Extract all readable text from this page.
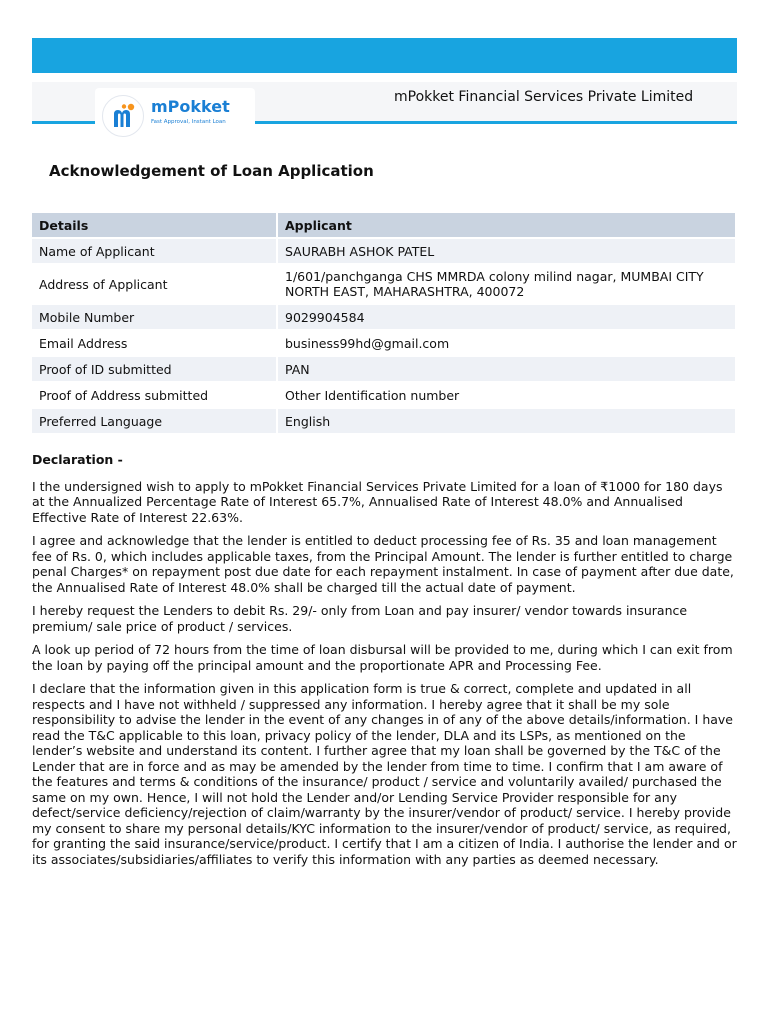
mPokket
Fast Approval, Instant Loan
mPokket Financial Services Private Limited
Acknowledgement of Loan Application
Details	Applicant
Name of Applicant	SAURABH ASHOK PATEL
Address of Applicant	1/601/panchganga CHS MMRDA colony milind nagar, MUMBAI CITY NORTH EAST, MAHARASHTRA, 400072
Mobile Number	9029904584
Email Address	business99hd@gmail.com
Proof of ID submitted	PAN
Proof of Address submitted	Other Identification number
Preferred Language	English
Declaration -

I the undersigned wish to apply to mPokket Financial Services Private Limited for a loan of ₹1000 for 180 days at the Annualized Percentage Rate of Interest 65.7%, Annualised Rate of Interest 48.0% and Annualised Effective Rate of Interest 22.63%.

I agree and acknowledge that the lender is entitled to deduct processing fee of Rs. 35 and loan management fee of Rs. 0, which includes applicable taxes, from the Principal Amount. The lender is further entitled to charge penal Charges* on repayment post due date for each repayment instalment. In case of payment after due date, the Annualised Rate of Interest 48.0% shall be charged till the actual date of payment.

I hereby request the Lenders to debit Rs. 29/- only from Loan and pay insurer/ vendor towards insurance premium/ sale price of product / services.

A look up period of 72 hours from the time of loan disbursal will be provided to me, during which I can exit from the loan by paying off the principal amount and the proportionate APR and Processing Fee.

I declare that the information given in this application form is true & correct, complete and updated in all respects and I have not withheld / suppressed any information. I hereby agree that it shall be my sole responsibility to advise the lender in the event of any changes in of any of the above details/information. I have read the T&C applicable to this loan, privacy policy of the lender, DLA and its LSPs, as mentioned on the lender’s website and understand its content. I further agree that my loan shall be governed by the T&C of the Lender that are in force and as may be amended by the lender from time to time. I confirm that I am aware of the features and terms & conditions of the insurance/ product / service and voluntarily availed/ purchased the same on my own. Hence, I will not hold the Lender and/or Lending Service Provider responsible for any defect/service deficiency/rejection of claim/warranty by the insurer/vendor of product/ service. I hereby provide my consent to share my personal details/KYC information to the insurer/vendor of product/ service, as required, for granting the said insurance/service/product. I certify that I am a citizen of India. I authorise the lender and or its associates/subsidiaries/affiliates to verify this information with any parties as deemed necessary.
